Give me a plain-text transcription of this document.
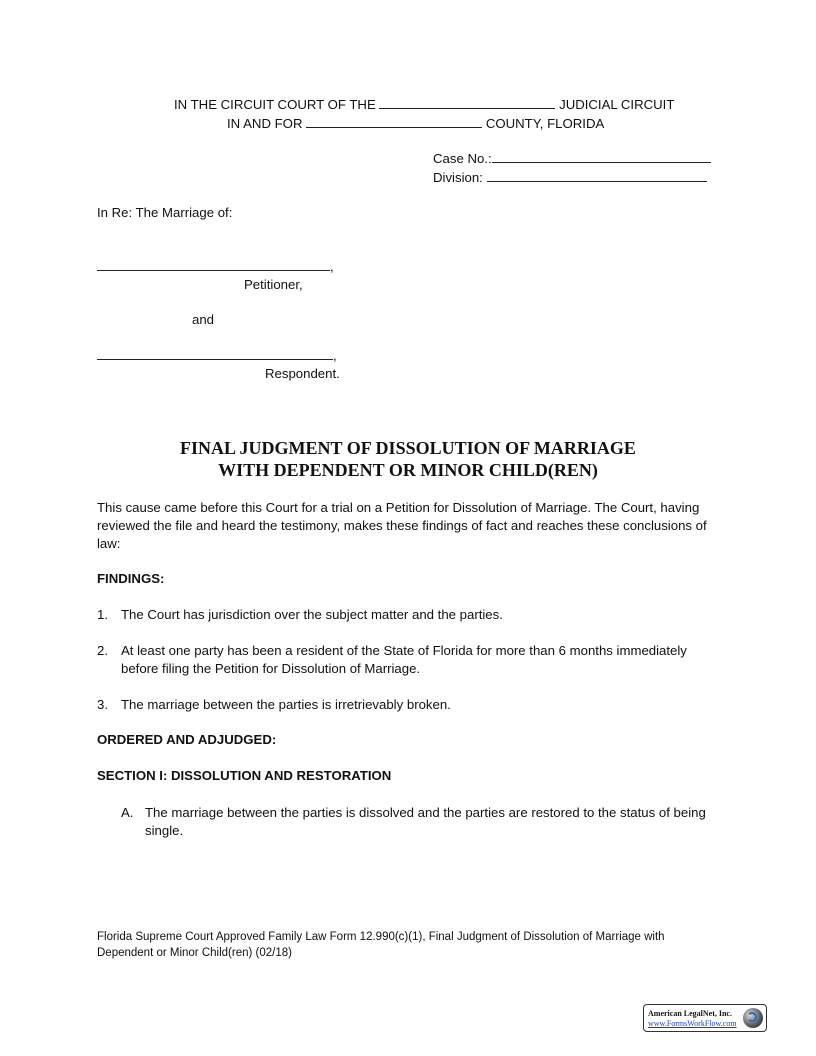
IN THE CIRCUIT COURT OF THE	JUDICIAL CIRCUIT
IN AND FOR	COUNTY, FLORIDA
Case No.:
Division:
In Re: The Marriage of:
,
Petitioner,
and
,
Respondent.
FINAL JUDGMENT OF DISSOLUTION OF MARRIAGE
WITH DEPENDENT OR MINOR CHILD(REN)
This cause came before this Court for a trial on a Petition for Dissolution of Marriage. The Court, having reviewed the file and heard the testimony, makes these findings of fact and reaches these conclusions of law:
FINDINGS:
1. The Court has jurisdiction over the subject matter and the parties.
2. At least one party has been a resident of the State of Florida for more than 6 months immediately before filing the Petition for Dissolution of Marriage.
3. The marriage between the parties is irretrievably broken.
ORDERED AND ADJUDGED:
SECTION I: DISSOLUTION AND RESTORATION
A. The marriage between the parties is dissolved and the parties are restored to the status of being single.
Florida Supreme Court Approved Family Law Form 12.990(c)(1), Final Judgment of Dissolution of Marriage with Dependent or Minor Child(ren) (02/18)
American LegalNet, Inc.
www.FormsWorkFlow.com
